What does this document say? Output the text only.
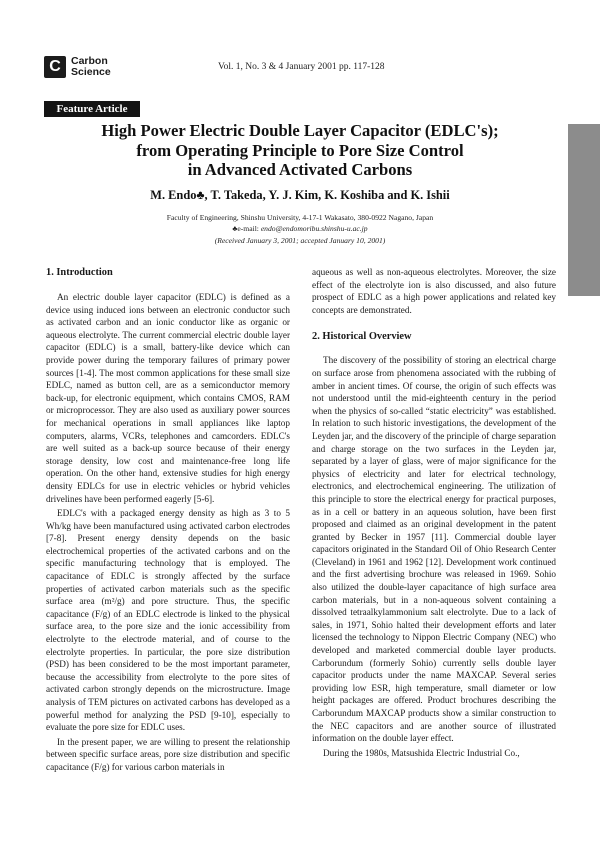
C Carbon
Science	Vol. 1, No. 3 & 4 January 2001 pp. 117-128
Feature Article
High Power Electric Double Layer Capacitor (EDLC's);
from Operating Principle to Pore Size Control
in Advanced Activated Carbons
M. Endo♣, T. Takeda, Y. J. Kim, K. Koshiba and K. Ishii
Faculty of Engineering, Shinshu University, 4-17-1 Wakasato, 380-0922 Nagano, Japan
♣e-mail: endo@endomoribu.shinshu-u.ac.jp
(Received January 3, 2001; accepted January 10, 2001)
1. Introduction

An electric double layer capacitor (EDLC) is defined as a device using induced ions between an electronic conductor such as activated carbon and an ionic conductor like as organic or aqueous electrolyte. The current commercial electric double layer capacitor (EDLC) is a small, battery-like device which can provide power during the temporary failures of primary power sources [1-4]. The most common applications for these small size EDLC, named as button cell, are as a semiconductor memory back-up, for electronic equipment, which contains CMOS, RAM or microprocessor. They are also used as auxiliary power sources for mechanical operations in small appliances like laptop computers, alarms, VCRs, telephones and camcorders. EDLC's are well suited as a back-up source because of their energy storage density, low cost and maintenance-free long life operation. On the other hand, extensive studies for high energy density EDLCs for use in electric vehicles or hybrid vehicles drivelines have been performed eagerly [5-6].

EDLC's with a packaged energy density as high as 3 to 5 Wh/kg have been manufactured using activated carbon electrodes [7-8]. Present energy density depends on the basic electrochemical properties of the activated carbons and on the specific manufacturing technology that is employed. The capacitance of EDLC is strongly affected by the surface properties of activated carbon materials such as the specific surface area (m²/g) and pore structure. Thus, the specific capacitance (F/g) of an EDLC electrode is linked to the physical surface area, to the pore size and the ionic accessibility from electrolyte to the electrode material, and of course to the electrolyte properties. In particular, the pore size distribution (PSD) has been considered to be the most important parameter, because the accessibility from electrolyte to the pore sites of activated carbon strongly depends on the microstructure. Image analysis of TEM pictures on activated carbons has developed as a powerful method for analyzing the PSD [9-10], especially to evaluate the pore size for EDLC uses.

In the present paper, we are willing to present the relationship between specific surface areas, pore size distribution and specific capacitance (F/g) for various carbon materials in

aqueous as well as non-aqueous electrolytes. Moreover, the size effect of the electrolyte ion is also discussed, and also future prospect of EDLC as a high power applications and related key concepts are demonstrated.

2. Historical Overview

The discovery of the possibility of storing an electrical charge on surface arose from phenomena associated with the rubbing of amber in ancient times. Of course, the origin of such effects was not understood until the mid-eighteenth century in the period when the physics of so-called “static electricity” was established. In relation to such historic investigations, the development of the Leyden jar, and the discovery of the principle of charge separation and charge storage on the two surfaces in the Leyden jar, separated by a layer of glass, were of major significance for the physics of electricity and later for electrical technology, electronics, and electrochemical engineering. The utilization of this principle to store the electrical energy for practical purposes, as in a cell or battery in an aqueous solution, have been first proposed and claimed as an original development in the patent granted by Becker in 1957 [11]. Commercial double layer capacitors originated in the Standard Oil of Ohio Research Center (Cleveland) in 1961 and 1962 [12]. Development work continued and the first advertising brochure was released in 1969. Sohio also utilized the double-layer capacitance of high surface area carbon materials, but in a non-aqueous solvent containing a dissolved tetraalkylammonium salt electrolyte. Due to a lack of sales, in 1971, Sohio halted their development efforts and later licensed the technology to Nippon Electric Company (NEC) who developed and marketed commercial double layer products. Carborundum (formerly Sohio) currently sells double layer capacitor products under the name MAXCAP. Several series providing low ESR, high temperature, small diameter or low height packages are offered. Product brochures describing the Carborundum MAXCAP products show a similar construction to the NEC capacitors and are another source of illustrated information on the double layer effect.

During the 1980s, Matsushida Electric Industrial Co.,
